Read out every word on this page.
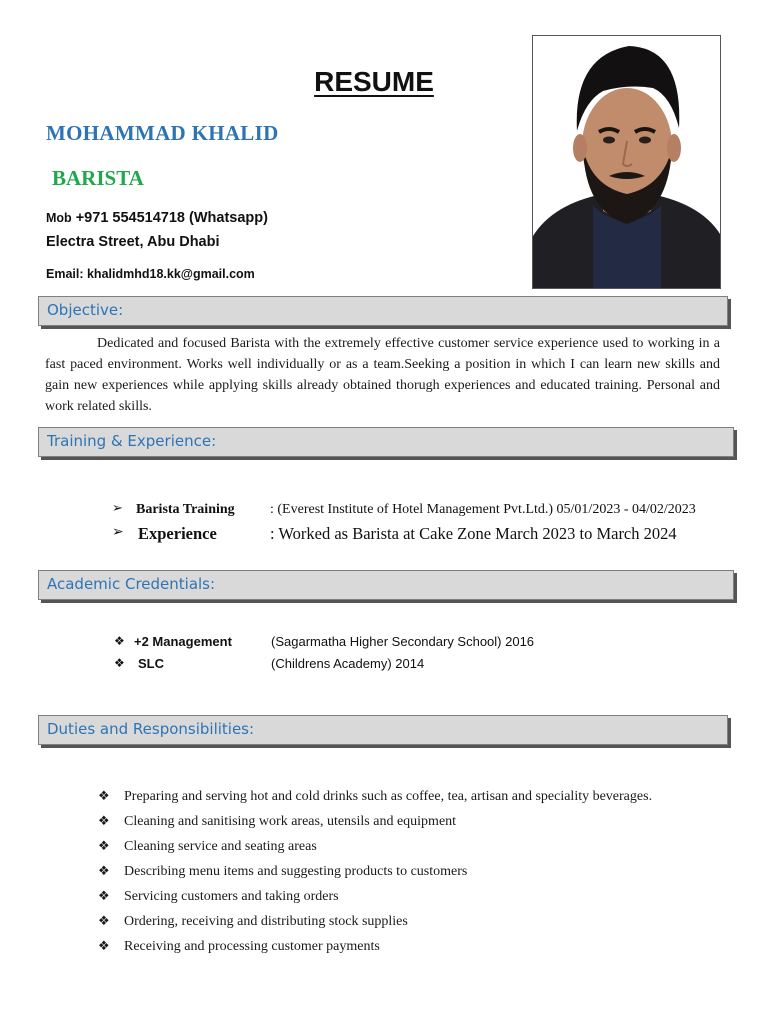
RESUME
MOHAMMAD KHALID
BARISTA
Mob +971 554514718 (Whatsapp)
Electra Street, Abu Dhabi
Email: khalidmhd18.kk@gmail.com
Objective:
Dedicated and focused Barista with the extremely effective customer service experience used to working in a fast paced environment. Works well individually or as a team.Seeking a position in which I can learn new skills and gain new experiences while applying skills already obtained thorugh experiences and educated training. Personal and work related skills.
Training & Experience:
➢ Barista Training	: (Everest Institute of Hotel Management Pvt.Ltd.) 05/01/2023 - 04/02/2023
➢ Experience	: Worked as Barista at Cake Zone March 2023 to March 2024
Academic Credentials:
❖ +2 Management	(Sagarmatha Higher Secondary School) 2016
❖ SLC	(Childrens Academy) 2014
Duties and Responsibilities:
❖ Preparing and serving hot and cold drinks such as coffee, tea, artisan and speciality beverages.
❖ Cleaning and sanitising work areas, utensils and equipment
❖ Cleaning service and seating areas
❖ Describing menu items and suggesting products to customers
❖ Servicing customers and taking orders
❖ Ordering, receiving and distributing stock supplies
❖ Receiving and processing customer payments
